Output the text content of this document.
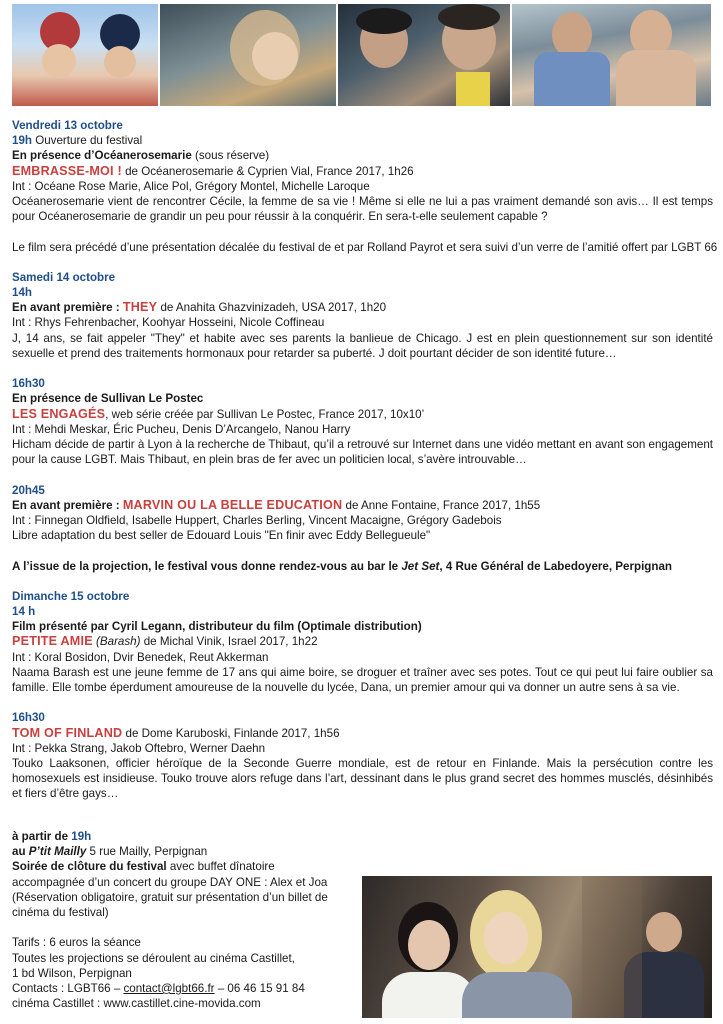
Vendredi 13 octobre
19h Ouverture du festival
En présence d’Océanerosemarie (sous réserve)
EMBRASSE-MOI ! de Océanerosemarie & Cyprien Vial, France 2017, 1h26
Int : Océane Rose Marie, Alice Pol, Grégory Montel, Michelle Laroque
Océanerosemarie vient de rencontrer Cécile, la femme de sa vie ! Même si elle ne lui a pas vraiment demandé son avis… Il est temps pour Océanerosemarie de grandir un peu pour réussir à la conquérir. En sera-t-elle seulement capable ?
Le film sera précédé d’une présentation décalée du festival de et par Rolland Payrot et sera suivi d’un verre de l’amitié offert par LGBT 66
Samedi 14 octobre
14h
En avant première : THEY de Anahita Ghazvinizadeh, USA 2017, 1h20
Int : Rhys Fehrenbacher, Koohyar Hosseini, Nicole Coffineau
J, 14 ans, se fait appeler "They" et habite avec ses parents la banlieue de Chicago. J est en plein questionnement sur son identité sexuelle et prend des traitements hormonaux pour retarder sa puberté. J doit pourtant décider de son identité future…
16h30
En présence de Sullivan Le Postec
LES ENGAGÉS, web série créée par Sullivan Le Postec, France 2017, 10x10’
Int : Mehdi Meskar, Éric Pucheu, Denis D’Arcangelo, Nanou Harry
Hicham décide de partir à Lyon à la recherche de Thibaut, qu’il a retrouvé sur Internet dans une vidéo mettant en avant son engagement pour la cause LGBT. Mais Thibaut, en plein bras de fer avec un politicien local, s’avère introuvable…
20h45
En avant première : MARVIN OU LA BELLE EDUCATION de Anne Fontaine, France 2017, 1h55
Int : Finnegan Oldfield, Isabelle Huppert, Charles Berling, Vincent Macaigne, Grégory Gadebois
Libre adaptation du best seller de Edouard Louis "En finir avec Eddy Bellegueule"
A l’issue de la projection, le festival vous donne rendez-vous au bar le Jet Set, 4 Rue Général de Labedoyere, Perpignan
Dimanche 15 octobre
14 h
Film présenté par Cyril Legann, distributeur du film (Optimale distribution)
PETITE AMIE (Barash) de Michal Vinik, Israel 2017, 1h22
Int : Koral Bosidon, Dvir Benedek, Reut Akkerman
Naama Barash est une jeune femme de 17 ans qui aime boire, se droguer et traîner avec ses potes. Tout ce qui peut lui faire oublier sa famille. Elle tombe éperdument amoureuse de la nouvelle du lycée, Dana, un premier amour qui va donner un autre sens à sa vie.
16h30
TOM OF FINLAND de Dome Karuboski, Finlande 2017, 1h56
Int : Pekka Strang, Jakob Oftebro, Werner Daehn
Touko Laaksonen, officier héroïque de la Seconde Guerre mondiale, est de retour en Finlande. Mais la persécution contre les homosexuels est insidieuse. Touko trouve alors refuge dans l’art, dessinant dans le plus grand secret des hommes musclés, désinhibés et fiers d’être gays…
à partir de 19h
au P’tit Mailly 5 rue Mailly, Perpignan
Soirée de clôture du festival avec buffet dînatoire
accompagnée d’un concert du groupe DAY ONE : Alex et Joa
(Réservation obligatoire, gratuit sur présentation d’un billet de
cinéma du festival)
Tarifs : 6 euros la séance
Toutes les projections se déroulent au cinéma Castillet,
1 bd Wilson, Perpignan
Contacts : LGBT66 – contact@lgbt66.fr – 06 46 15 91 84
cinéma Castillet : www.castillet.cine-movida.com
